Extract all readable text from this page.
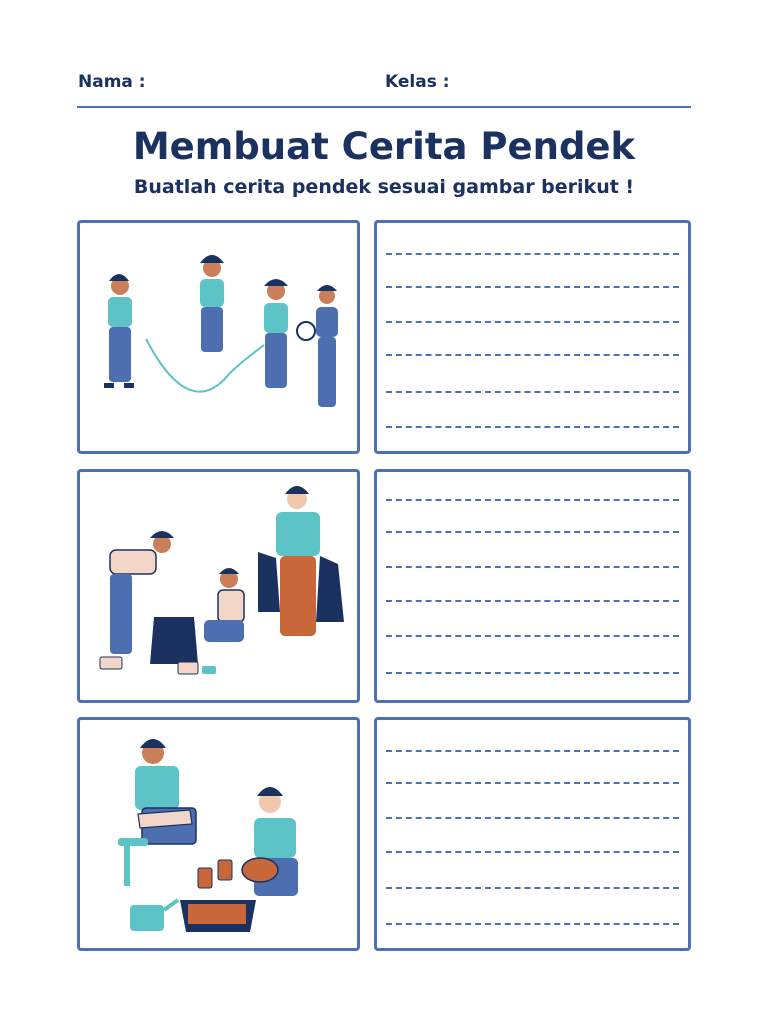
Nama :	Kelas :
Membuat Cerita Pendek
Buatlah cerita pendek sesuai gambar berikut !
